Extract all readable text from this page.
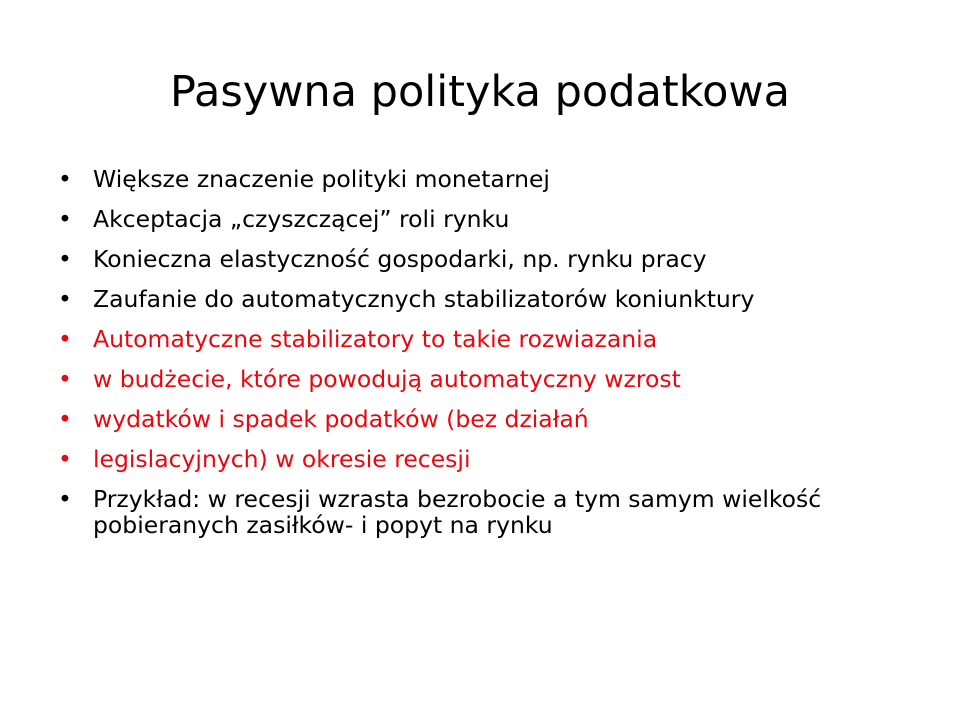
Pasywna polityka podatkowa
• Większe znaczenie polityki monetarnej
• Akceptacja „czyszczącej” roli rynku
• Konieczna elastyczność gospodarki, np. rynku pracy
• Zaufanie do automatycznych stabilizatorów koniunktury
• Automatyczne stabilizatory to takie rozwiazania
• w budżecie, które powodują automatyczny wzrost
• wydatków i spadek podatków (bez działań
• legislacyjnych) w okresie recesji
• Przykład: w recesji wzrasta bezrobocie a tym samym wielkość pobieranych zasiłków- i popyt na rynku
